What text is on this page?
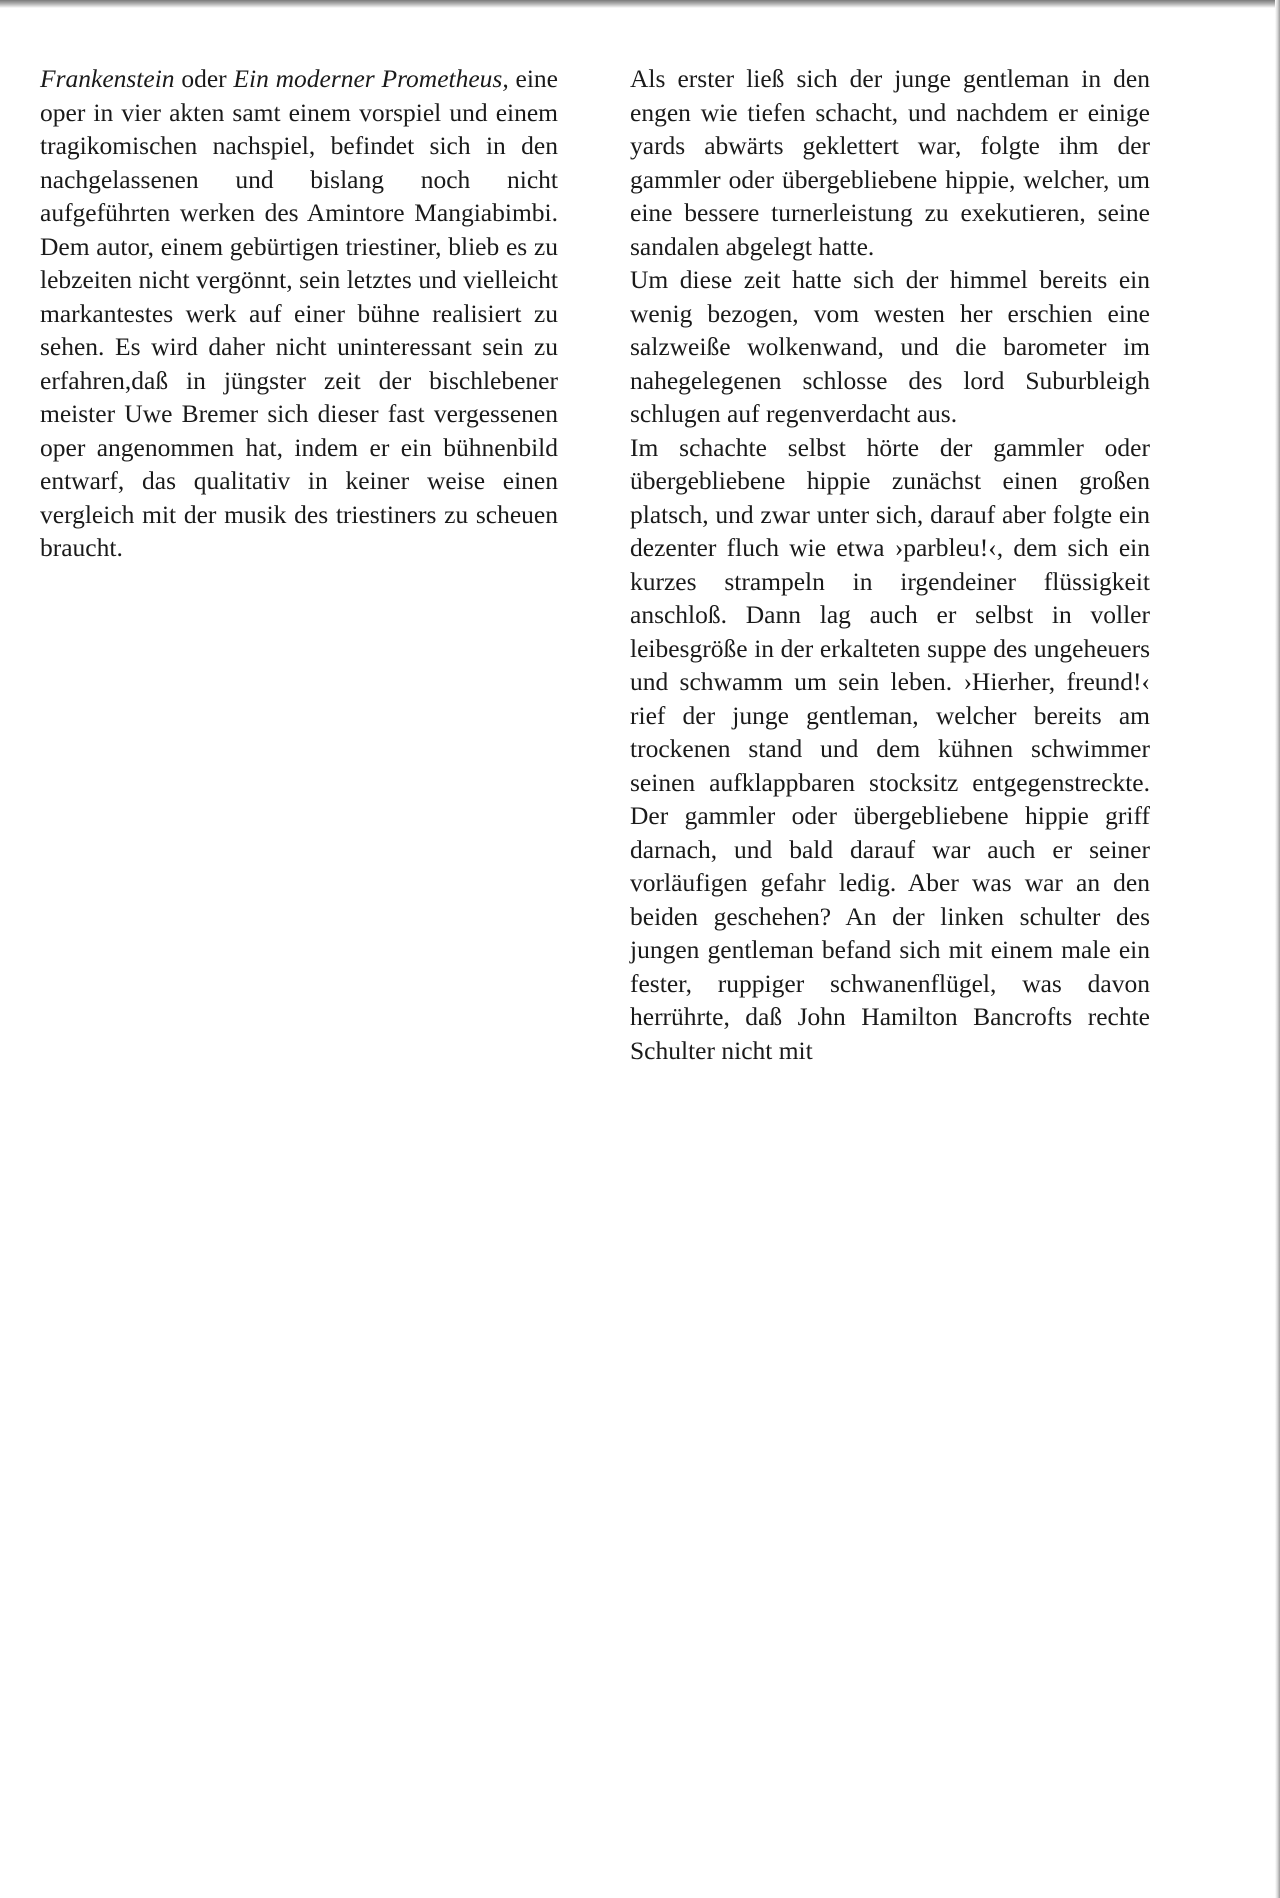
Frankenstein oder Ein moderner Prometheus, eine oper in vier akten samt einem vorspiel und einem tragikomischen nachspiel, befindet sich in den nachgelassenen und bislang noch nicht aufgeführten werken des Amintore Mangiabimbi. Dem autor, einem gebürtigen triestiner, blieb es zu lebzeiten nicht vergönnt, sein letztes und vielleicht markantestes werk auf einer bühne realisiert zu sehen. Es wird daher nicht uninteressant sein zu erfahren,daß in jüngster zeit der bischlebener meister Uwe Bremer sich dieser fast vergessenen oper angenommen hat, indem er ein bühnenbild entwarf, das qualitativ in keiner weise einen vergleich mit der musik des triestiners zu scheuen braucht.

Als erster ließ sich der junge gentleman in den engen wie tiefen schacht, und nachdem er einige yards abwärts geklettert war, folgte ihm der gammler oder übergebliebene hippie, welcher, um eine bessere turnerleistung zu exekutieren, seine sandalen abgelegt hatte.

Um diese zeit hatte sich der himmel bereits ein wenig bezogen, vom westen her erschien eine salzweiße wolkenwand, und die barometer im nahegelegenen schlosse des lord Suburbleigh schlugen auf regenverdacht aus.

Im schachte selbst hörte der gammler oder übergebliebene hippie zunächst einen großen platsch, und zwar unter sich, darauf aber folgte ein dezenter fluch wie etwa ›parbleu!‹, dem sich ein kurzes strampeln in irgendeiner flüssigkeit anschloß. Dann lag auch er selbst in voller leibesgröße in der erkalteten suppe des ungeheuers und schwamm um sein leben. ›Hierher, freund!‹ rief der junge gentleman, welcher bereits am trockenen stand und dem kühnen schwimmer seinen aufklappbaren stocksitz entgegenstreckte. Der gammler oder übergebliebene hippie griff darnach, und bald darauf war auch er seiner vorläufigen gefahr ledig. Aber was war an den beiden geschehen? An der linken schulter des jungen gentleman befand sich mit einem male ein fester, ruppiger schwanenflügel, was davon herrührte, daß John Hamilton Bancrofts rechte Schulter nicht mit
